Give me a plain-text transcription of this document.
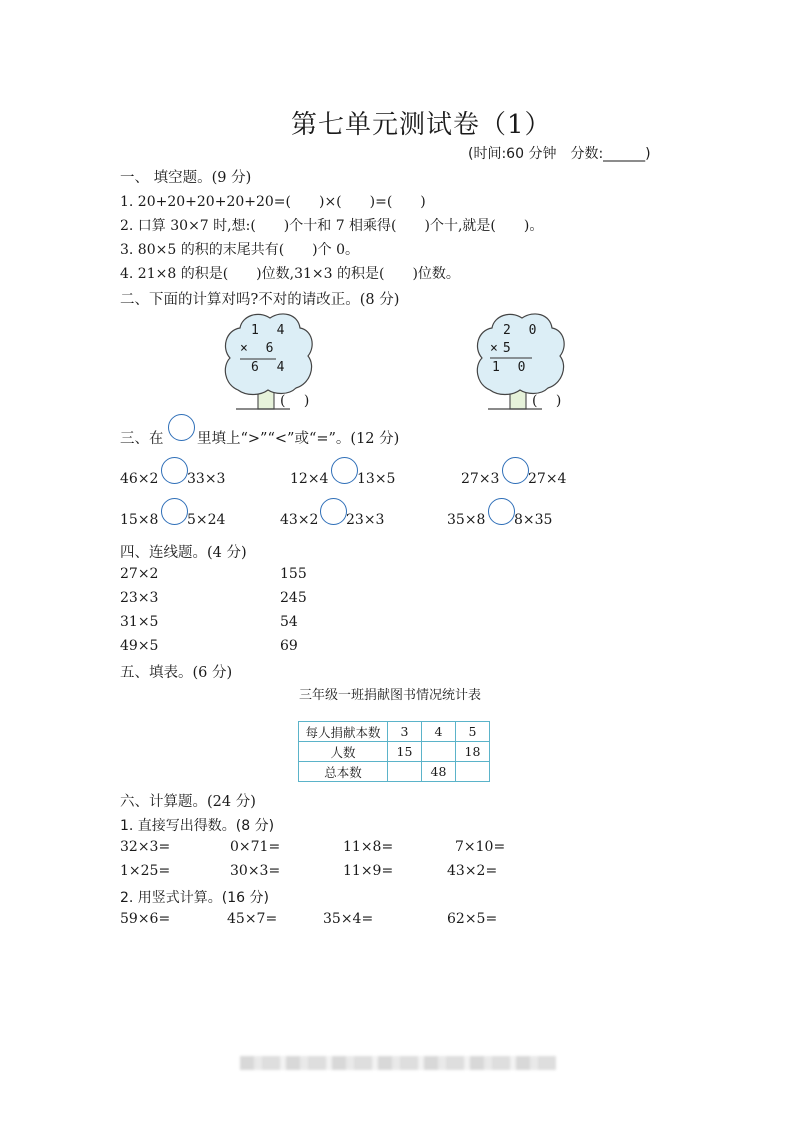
第七单元测试卷（1）
(时间:60 分钟　分数:______)
一、 填空题。(9 分)
1. 20+20+20+20+20=(　　)×(　　)=(　　)
2. 口算 30×7 时,想:(　　)个十和 7 相乘得(　　)个十,就是(　　)。
3. 80×5 的积的末尾共有(　　)个 0。
4. 21×8 的积是(　　)位数,31×3 的积是(　　)位数。
二、下面的计算对吗?不对的请改正。(8 分)
1 4
× 6
6 4
(　 )
2 0
×5
1 0
(　 )
三、在 里填上“>”“<”或“=”。(12 分)
46×2 33×3	12×4 13×5	27×3 27×4
15×8 5×24	43×2 23×3	35×8 8×35
四、连线题。(4 分)
27×2
23×3
31×5
49×5
155
245
54
69
五、填表。(6 分)
三年级一班捐献图书情况统计表
每人捐献本数	3	4	5
人数	15		18
总本数		48	
六、计算题。(24 分)
1. 直接写出得数。(8 分)
32×3=	0×71=	11×8=	7×10=
1×25=	30×3=	11×9=	43×2=
2. 用竖式计算。(16 分)
59×6=	45×7=	35×4=	62×5=
